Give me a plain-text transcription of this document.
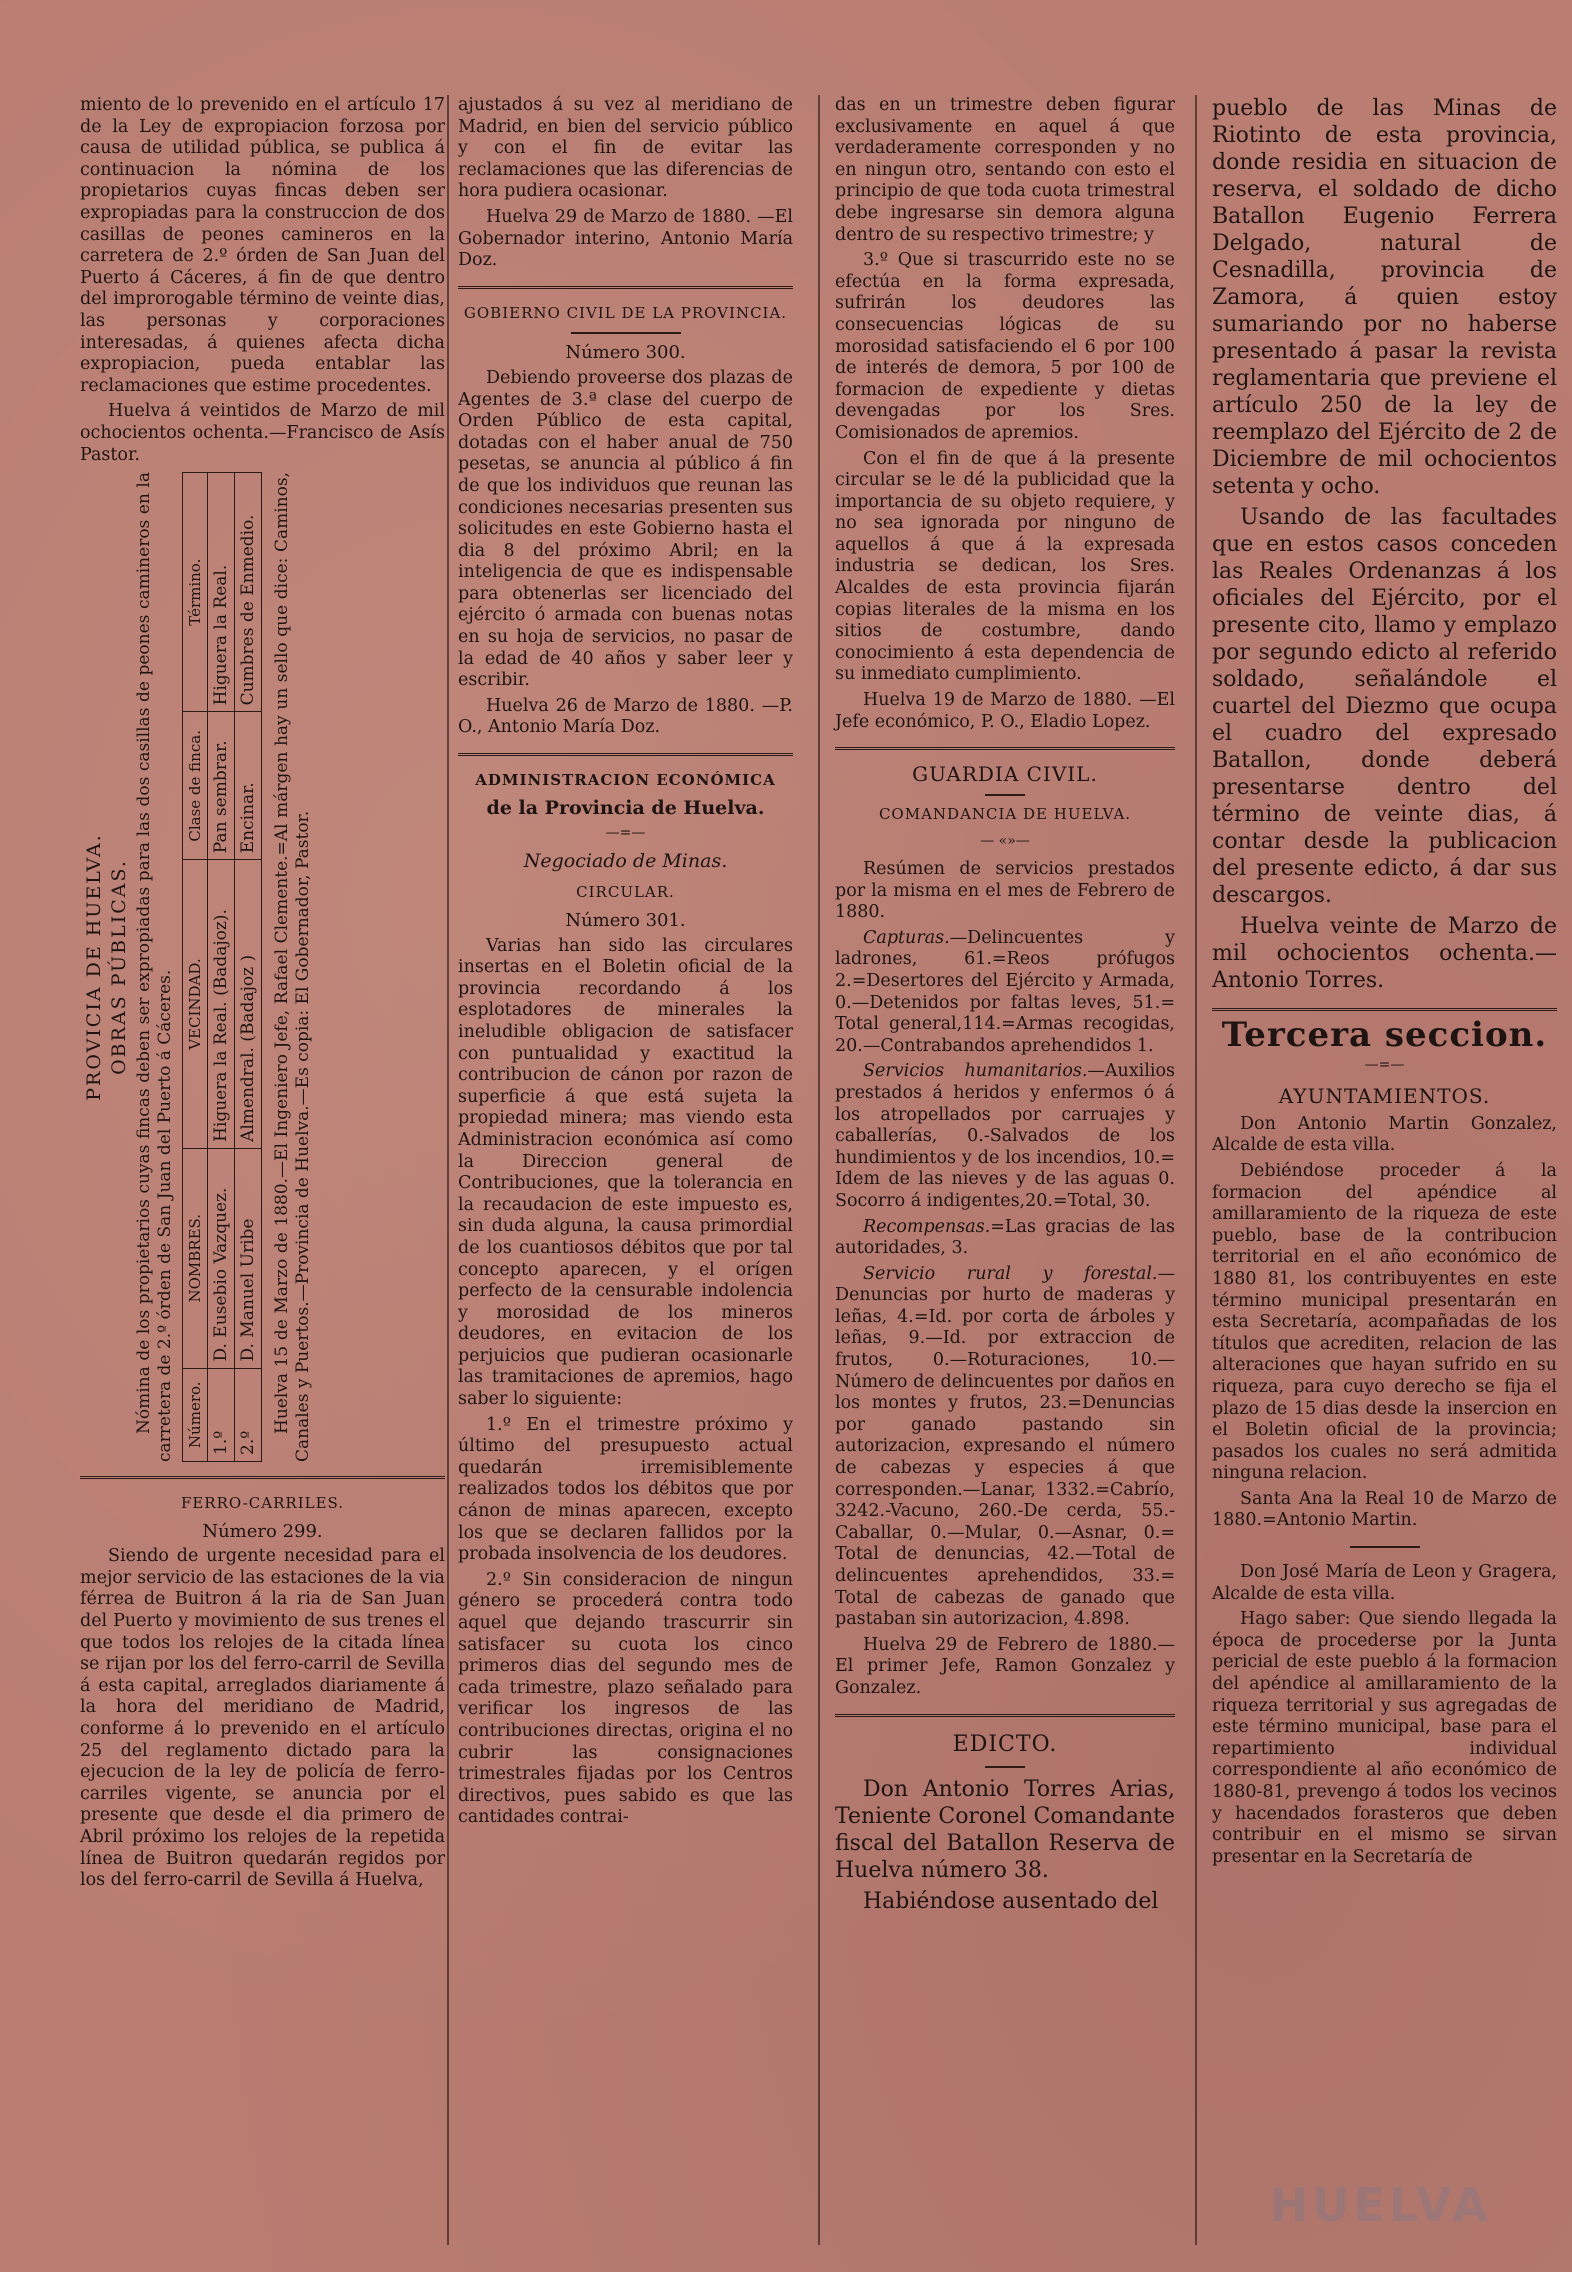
miento de lo prevenido en el artículo 17 de la Ley de expropiacion forzosa por causa de utilidad pública, se publica á continuacion la nómina de los propietarios cuyas fincas deben ser expropiadas para la construccion de dos casillas de peones camineros en la carretera de 2.º órden de San Juan del Puerto á Cáceres, á fin de que dentro del improrogable término de veinte dias, las personas y corporaciones interesadas, á quienes afecta dicha expropiacion, pueda entablar las reclamaciones que estime procedentes.

Huelva á veintidos de Marzo de mil ochocientos ochenta.—Francisco de Asís Pastor.

PROVICIA DE HUELVA. OBRAS PÚBLICAS. Nómina de los propietarios cuyas fincas deben ser expropiadas para las dos casillas de peones camineros en la carretera de 2.º órden de San Juan del Puerto á Cáceres. Número.	NOMBRES.	VECINDAD.	Clase de finca.	Término.
1.º	D. Eusebio Vazquez.	Higuera la Real. (Badajoz).	Pan sembrar.	Higuera la Real.
2.º	D. Manuel Uribe	Almendral. (Badajoz )	Encinar.	Cumbres de Enmedio. Huelva 15 de Marzo de 1880.—El Ingeniero Jefe, Rafael Clemente.=Al márgen hay un sello que dice: Caminos, Canales y Puertos.—Provincia de Huelva.—Es copia: El Gobernador, Pastor.

FERRO-CARRILES.

Número 299.

Siendo de urgente necesidad para el mejor servicio de las estaciones de la via férrea de Buitron á la ria de San Juan del Puerto y movimiento de sus trenes el que todos los relojes de la citada línea se rijan por los del ferro-carril de Sevilla á esta capital, arreglados diariamente á la hora del meridiano de Madrid, conforme á lo prevenido en el artículo 25 del reglamento dictado para la ejecucion de la ley de policía de ferro-carriles vigente, se anuncia por el presente que desde el dia primero de Abril próximo los relojes de la repetida línea de Buitron quedarán regidos por los del ferro-carril de Sevilla á Huelva,

ajustados á su vez al meridiano de Madrid, en bien del servicio público y con el fin de evitar las reclamaciones que las diferencias de hora pudiera ocasionar.

Huelva 29 de Marzo de 1880. —El Gobernador interino, Antonio María Doz.

GOBIERNO CIVIL DE LA PROVINCIA.

Número 300.

Debiendo proveerse dos plazas de Agentes de 3.ª clase del cuerpo de Orden Público de esta capital, dotadas con el haber anual de 750 pesetas, se anuncia al público á fin de que los individuos que reunan las condiciones necesarias presenten sus solicitudes en este Gobierno hasta el dia 8 del próximo Abril; en la inteligencia de que es indispensable para obtenerlas ser licenciado del ejército ó armada con buenas notas en su hoja de servicios, no pasar de la edad de 40 años y saber leer y escribir.

Huelva 26 de Marzo de 1880. —P. O., Antonio María Doz.

ADMINISTRACION ECONÓMICA

de la Provincia de Huelva.

—=—

Negociado de Minas.

CIRCULAR.

Número 301.

Varias han sido las circulares insertas en el Boletin oficial de la provincia recordando á los esplotadores de minerales la ineludible obligacion de satisfacer con puntualidad y exactitud la contribucion de cánon por razon de superficie á que está sujeta la propiedad minera; mas viendo esta Administracion económica así como la Direccion general de Contribuciones, que la tolerancia en la recaudacion de este impuesto es, sin duda alguna, la causa primordial de los cuantiosos débitos que por tal concepto aparecen, y el orígen perfecto de la censurable indolencia y morosidad de los mineros deudores, en evitacion de los perjuicios que pudieran ocasionarle las tramitaciones de apremios, hago saber lo siguiente:

1.º En el trimestre próximo y último del presupuesto actual quedarán irremisiblemente realizados todos los débitos que por cánon de minas aparecen, excepto los que se declaren fallidos por la probada insolvencia de los deudores.

2.º Sin consideracion de ningun género se procederá contra todo aquel que dejando trascurrir sin satisfacer su cuota los cinco primeros dias del segundo mes de cada trimestre, plazo señalado para verificar los ingresos de las contribuciones directas, origina el no cubrir las consignaciones trimestrales fijadas por los Centros directivos, pues sabido es que las cantidades contrai-

das en un trimestre deben figurar exclusivamente en aquel á que verdaderamente corresponden y no en ningun otro, sentando con esto el principio de que toda cuota trimestral debe ingresarse sin demora alguna dentro de su respectivo trimestre; y

3.º Que si trascurrido este no se efectúa en la forma expresada, sufrirán los deudores las consecuencias lógicas de su morosidad satisfaciendo el 6 por 100 de interés de demora, 5 por 100 de formacion de expediente y dietas devengadas por los Sres. Comisionados de apremios.

Con el fin de que á la presente circular se le dé la publicidad que la importancia de su objeto requiere, y no sea ignorada por ninguno de aquellos á que á la expresada industria se dedican, los Sres. Alcaldes de esta provincia fijarán copias literales de la misma en los sitios de costumbre, dando conocimiento á esta dependencia de su inmediato cumplimiento.

Huelva 19 de Marzo de 1880. —El Jefe económico, P. O., Eladio Lopez.

GUARDIA CIVIL.

COMANDANCIA DE HUELVA.

— «»—

Resúmen de servicios prestados por la misma en el mes de Febrero de 1880.

Capturas.—Delincuentes y ladrones, 61.=Reos prófugos 2.=Desertores del Ejército y Armada, 0.—Detenidos por faltas leves, 51.= Total general,114.=Armas recogidas, 20.—Contrabandos aprehendidos 1.

Servicios humanitarios.—Auxilios prestados á heridos y enfermos ó á los atropellados por carruajes y caballerías, 0.-Salvados de los hundimientos y de los incendios, 10.= Idem de las nieves y de las aguas 0. Socorro á indigentes,20.=Total, 30.

Recompensas.=Las gracias de las autoridades, 3.

Servicio rural y forestal.—Denuncias por hurto de maderas y leñas, 4.=Id. por corta de árboles y leñas, 9.—Id. por extraccion de frutos, 0.—Roturaciones, 10.—Número de delincuentes por daños en los montes y frutos, 23.=Denuncias por ganado pastando sin autorizacion, expresando el número de cabezas y especies á que corresponden.—Lanar, 1332.=Cabrío, 3242.-Vacuno, 260.-De cerda, 55.-Caballar, 0.—Mular, 0.—Asnar, 0.= Total de denuncias, 42.—Total de delincuentes aprehendidos, 33.= Total de cabezas de ganado que pastaban sin autorizacion, 4.898.

Huelva 29 de Febrero de 1880.— El primer Jefe, Ramon Gonzalez y Gonzalez.

EDICTO.

Don Antonio Torres Arias, Teniente Coronel Comandante fiscal del Batallon Reserva de Huelva número 38.

Habiéndose ausentado del

pueblo de las Minas de Riotinto de esta provincia, donde residia en situacion de reserva, el soldado de dicho Batallon Eugenio Ferrera Delgado, natural de Cesnadilla, provincia de Zamora, á quien estoy sumariando por no haberse presentado á pasar la revista reglamentaria que previene el artículo 250 de la ley de reemplazo del Ejército de 2 de Diciembre de mil ochocientos setenta y ocho.

Usando de las facultades que en estos casos conceden las Reales Ordenanzas á los oficiales del Ejército, por el presente cito, llamo y emplazo por segundo edicto al referido soldado, señalándole el cuartel del Diezmo que ocupa el cuadro del expresado Batallon, donde deberá presentarse dentro del término de veinte dias, á contar desde la publicacion del presente edicto, á dar sus descargos.

Huelva veinte de Marzo de mil ochocientos ochenta.— Antonio Torres.

Tercera seccion.

—=—

AYUNTAMIENTOS.

Don Antonio Martin Gonzalez, Alcalde de esta villa.

Debiéndose proceder á la formacion del apéndice al amillaramiento de la riqueza de este pueblo, base de la contribucion territorial en el año económico de 1880 81, los contribuyentes en este término municipal presentarán en esta Secretaría, acompañadas de los títulos que acrediten, relacion de las alteraciones que hayan sufrido en su riqueza, para cuyo derecho se fija el plazo de 15 dias desde la insercion en el Boletin oficial de la provincia; pasados los cuales no será admitida ninguna relacion.

Santa Ana la Real 10 de Marzo de 1880.=Antonio Martin.

Don José María de Leon y Gragera, Alcalde de esta villa.

Hago saber: Que siendo llegada la época de procederse por la Junta pericial de este pueblo á la formacion del apéndice al amillaramiento de la riqueza territorial y sus agregadas de este término municipal, base para el repartimiento individual correspondiente al año económico de 1880-81, prevengo á todos los vecinos y hacendados forasteros que deben contribuir en el mismo se sirvan presentar en la Secretaría de

HUELVA
